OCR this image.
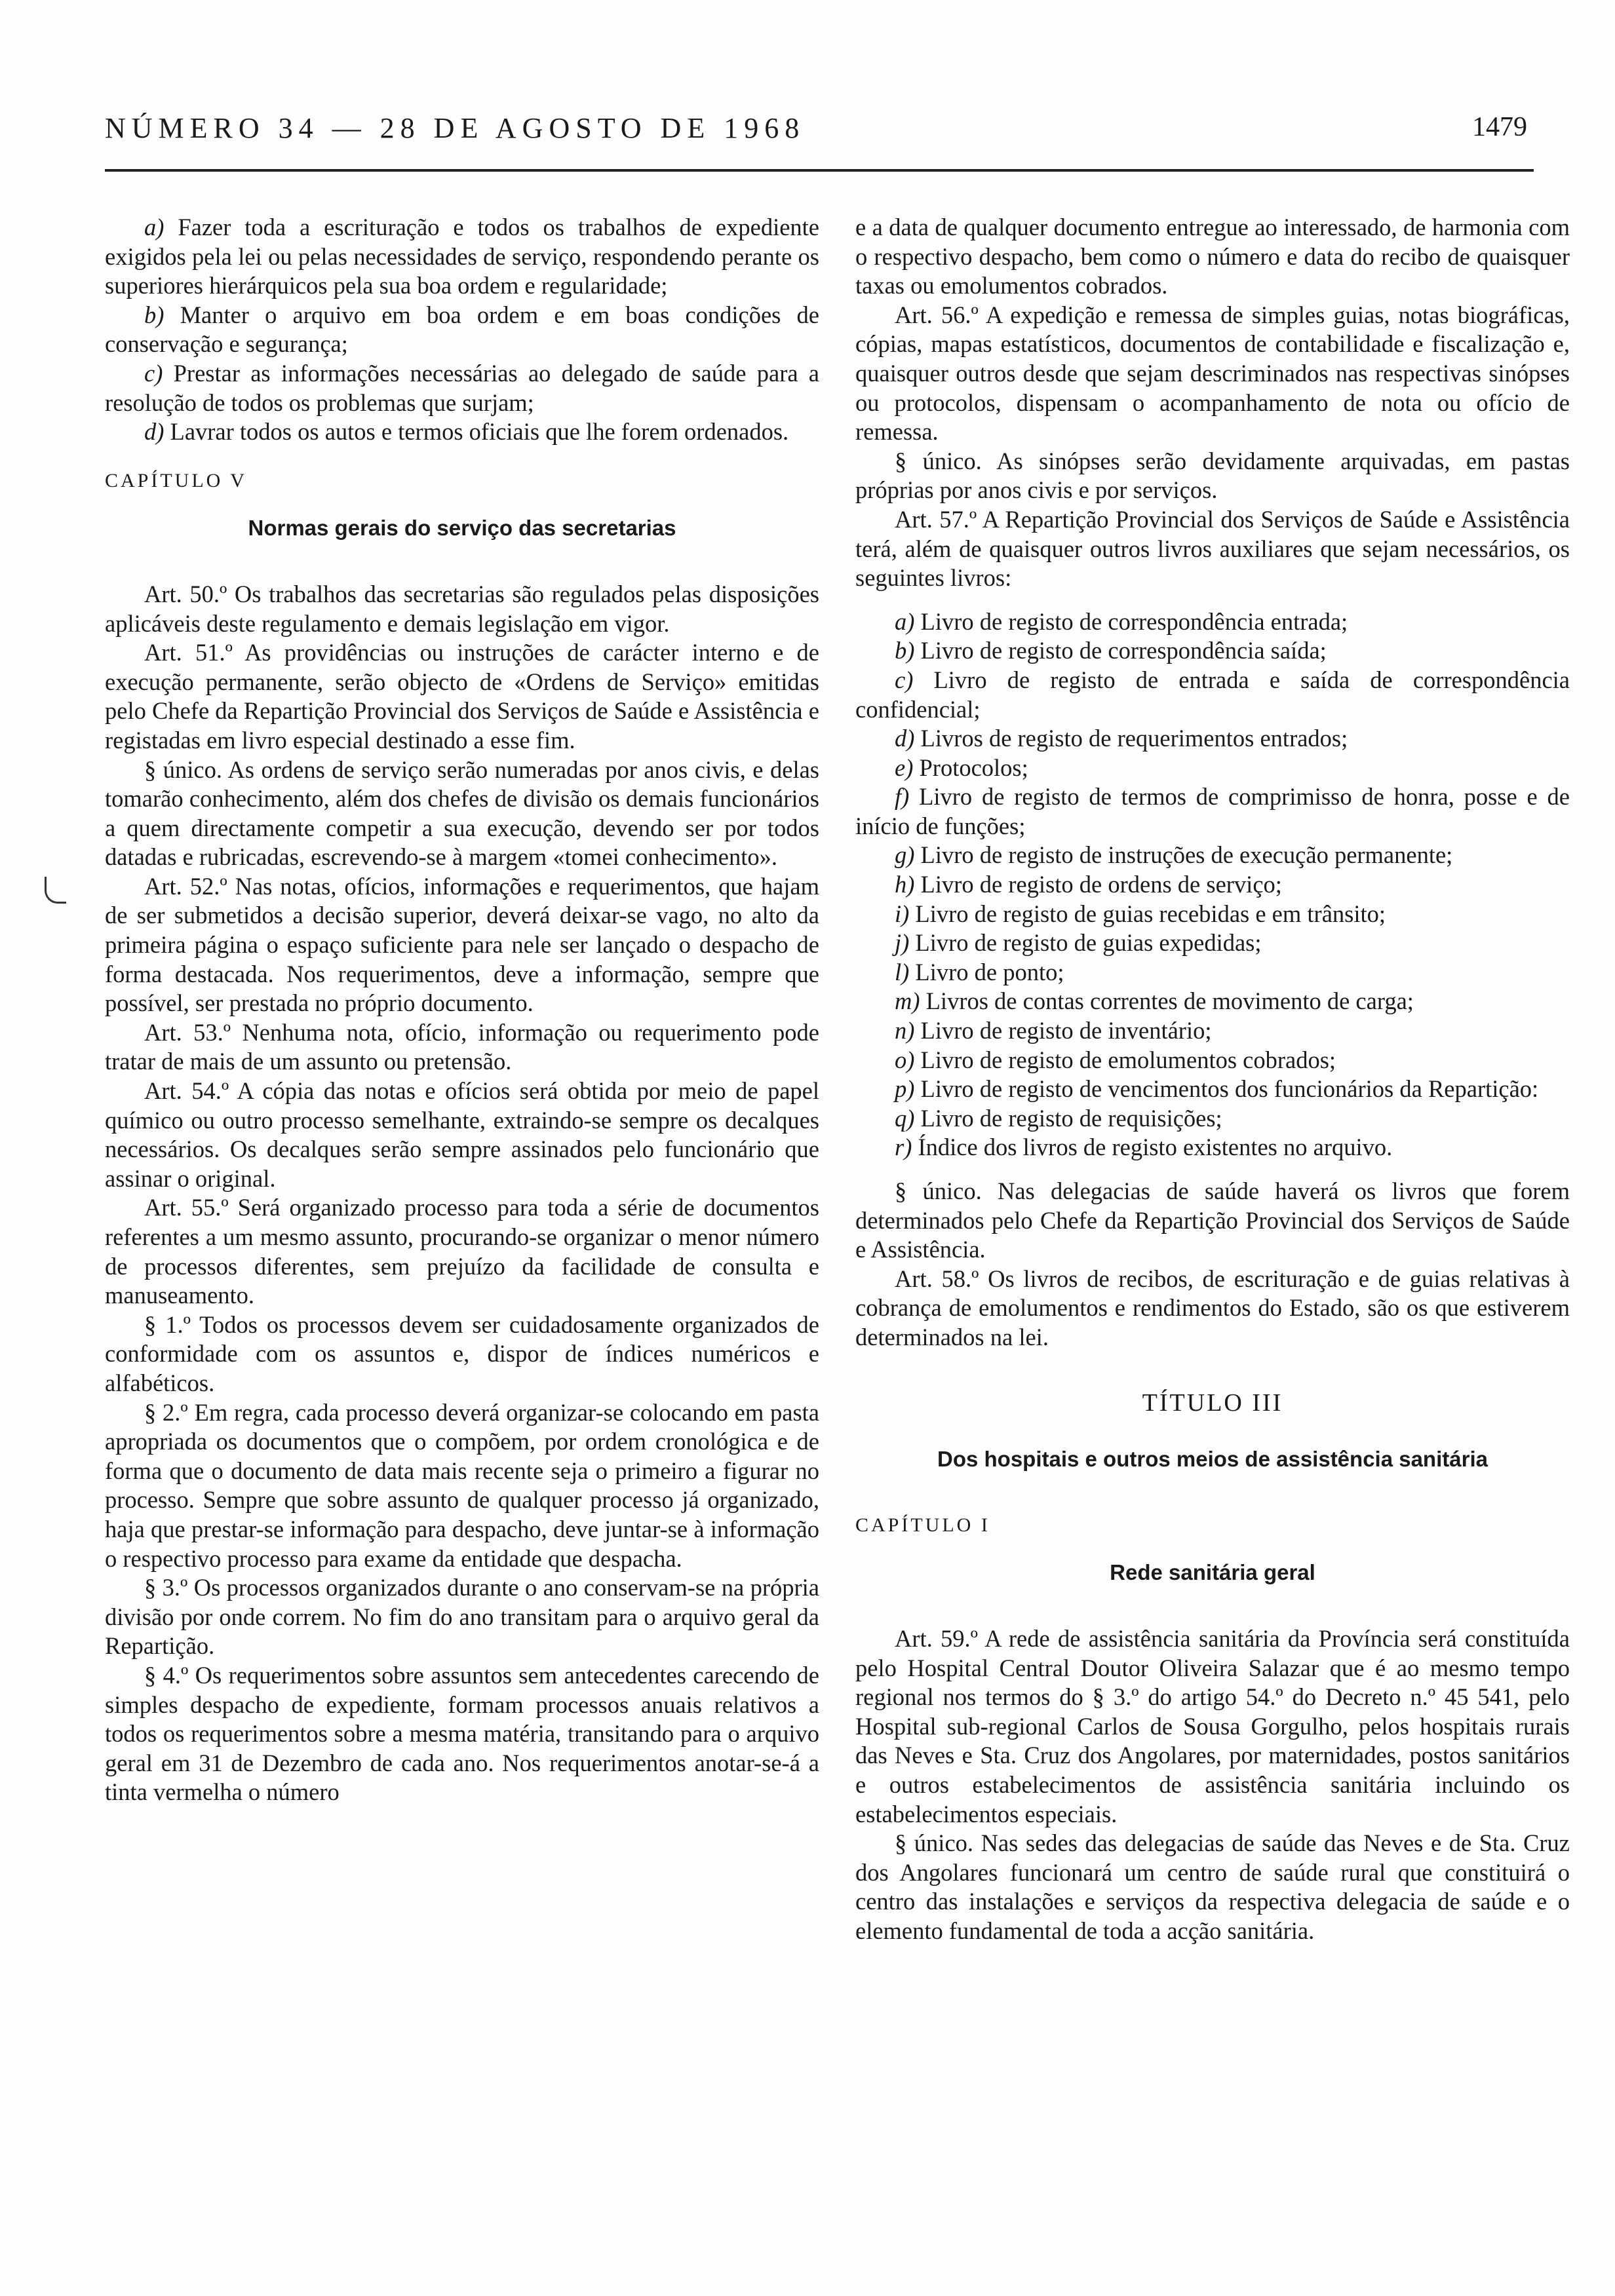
NÚMERO 34 — 28 DE AGOSTO DE 1968	1479

a) Fazer toda a escrituração e todos os trabalhos de expediente exigidos pela lei ou pelas necessidades de serviço, respondendo perante os superiores hierárquicos pela sua boa ordem e regularidade;

b) Manter o arquivo em boa ordem e em boas condições de conservação e segurança;

c) Prestar as informações necessárias ao delegado de saúde para a resolução de todos os problemas que surjam;

d) Lavrar todos os autos e termos oficiais que lhe forem ordenados.

CAPÍTULO V

Normas gerais do serviço das secretarias

Art. 50.º Os trabalhos das secretarias são regulados pelas disposições aplicáveis deste regulamento e demais legislação em vigor.

Art. 51.º As providências ou instruções de carácter interno e de execução permanente, serão objecto de «Ordens de Serviço» emitidas pelo Chefe da Repartição Provincial dos Serviços de Saúde e Assistência e registadas em livro especial destinado a esse fim.

§ único. As ordens de serviço serão numeradas por anos civis, e delas tomarão conhecimento, além dos chefes de divisão os demais funcionários a quem directamente competir a sua execução, devendo ser por todos datadas e rubricadas, escrevendo-se à margem «tomei conhecimento».

Art. 52.º Nas notas, ofícios, informações e requerimentos, que hajam de ser submetidos a decisão superior, deverá deixar-se vago, no alto da primeira página o espaço suficiente para nele ser lançado o despacho de forma destacada. Nos requerimentos, deve a informação, sempre que possível, ser prestada no próprio documento.

Art. 53.º Nenhuma nota, ofício, informação ou requerimento pode tratar de mais de um assunto ou pretensão.

Art. 54.º A cópia das notas e ofícios será obtida por meio de papel químico ou outro processo semelhante, extraindo-se sempre os decalques necessários. Os decalques serão sempre assinados pelo funcionário que assinar o original.

Art. 55.º Será organizado processo para toda a série de documentos referentes a um mesmo assunto, procurando-se organizar o menor número de processos diferentes, sem prejuízo da facilidade de consulta e manuseamento.

§ 1.º Todos os processos devem ser cuidadosamente organizados de conformidade com os assuntos e, dispor de índices numéricos e alfabéticos.

§ 2.º Em regra, cada processo deverá organizar-se colocando em pasta apropriada os documentos que o compõem, por ordem cronológica e de forma que o documento de data mais recente seja o primeiro a figurar no processo. Sempre que sobre assunto de qualquer processo já organizado, haja que prestar-se informação para despacho, deve juntar-se à informação o respectivo processo para exame da entidade que despacha.

§ 3.º Os processos organizados durante o ano conservam-se na própria divisão por onde correm. No fim do ano transitam para o arquivo geral da Repartição.

§ 4.º Os requerimentos sobre assuntos sem antecedentes carecendo de simples despacho de expediente, formam processos anuais relativos a todos os requerimentos sobre a mesma matéria, transitando para o arquivo geral em 31 de Dezembro de cada ano. Nos requerimentos anotar-se-á a tinta vermelha o número

e a data de qualquer documento entregue ao interessado, de harmonia com o respectivo despacho, bem como o número e data do recibo de quaisquer taxas ou emolumentos cobrados.

Art. 56.º A expedição e remessa de simples guias, notas biográficas, cópias, mapas estatísticos, documentos de contabilidade e fiscalização e, quaisquer outros desde que sejam descriminados nas respectivas sinópses ou protocolos, dispensam o acompanhamento de nota ou ofício de remessa.

§ único. As sinópses serão devidamente arquivadas, em pastas próprias por anos civis e por serviços.

Art. 57.º A Repartição Provincial dos Serviços de Saúde e Assistência terá, além de quaisquer outros livros auxiliares que sejam necessários, os seguintes livros:

a) Livro de registo de correspondência entrada;

b) Livro de registo de correspondência saída;

c) Livro de registo de entrada e saída de correspondência confidencial;

d) Livros de registo de requerimentos entrados;

e) Protocolos;

f) Livro de registo de termos de comprimisso de honra, posse e de início de funções;

g) Livro de registo de instruções de execução permanente;

h) Livro de registo de ordens de serviço;

i) Livro de registo de guias recebidas e em trânsito;

j) Livro de registo de guias expedidas;

l) Livro de ponto;

m) Livros de contas correntes de movimento de carga;

n) Livro de registo de inventário;

o) Livro de registo de emolumentos cobrados;

p) Livro de registo de vencimentos dos funcionários da Repartição:

q) Livro de registo de requisições;

r) Índice dos livros de registo existentes no arquivo.

§ único. Nas delegacias de saúde haverá os livros que forem determinados pelo Chefe da Repartição Provincial dos Serviços de Saúde e Assistência.

Art. 58.º Os livros de recibos, de escrituração e de guias relativas à cobrança de emolumentos e rendimentos do Estado, são os que estiverem determinados na lei.

TÍTULO III

Dos hospitais e outros meios de assistência sanitária

CAPÍTULO I

Rede sanitária geral

Art. 59.º A rede de assistência sanitária da Província será constituída pelo Hospital Central Doutor Oliveira Salazar que é ao mesmo tempo regional nos termos do § 3.º do artigo 54.º do Decreto n.º 45 541, pelo Hospital sub-regional Carlos de Sousa Gorgulho, pelos hospitais rurais das Neves e Sta. Cruz dos Angolares, por maternidades, postos sanitários e outros estabelecimentos de assistência sanitária incluindo os estabelecimentos especiais.

§ único. Nas sedes das delegacias de saúde das Neves e de Sta. Cruz dos Angolares funcionará um centro de saúde rural que constituirá o centro das instalações e serviços da respectiva delegacia de saúde e o elemento fundamental de toda a acção sanitária.
